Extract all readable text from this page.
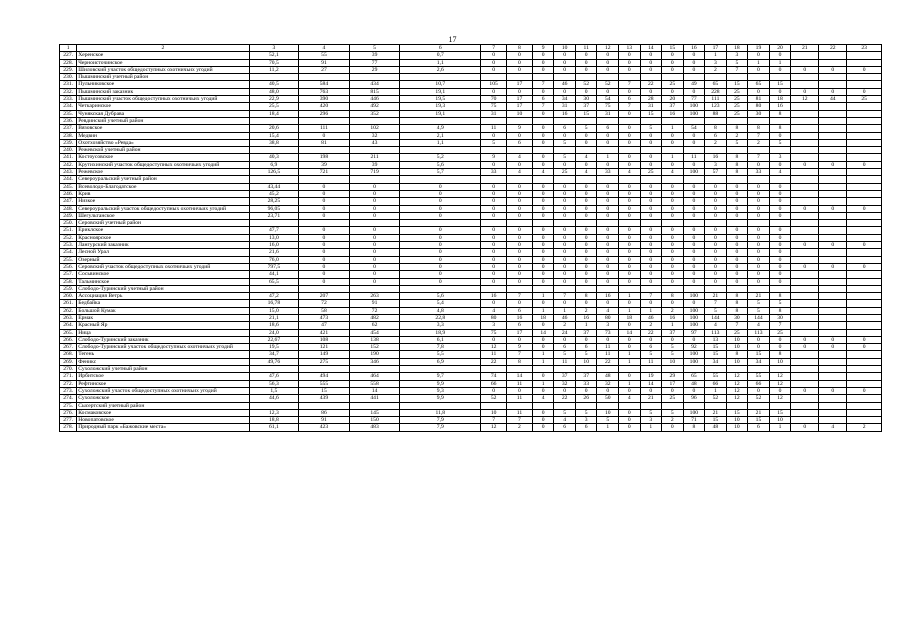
17
1	2	3	4	5	6	7	8	9	10	11	12	13	14	15	16	17	18	19	20	21	22	23
227.	Херенское	52,1	55	39	0,7	0	0	0	0	0	0	0	0	0	0	1	3	0	0			
228.	Черноисточинское	70,5	91	77	1,1	0	0	0	0	0	0	0	0	0	0	3	5	1	1			
229.	Шиловский участок общедоступных охотничьих угодий	11,2	27	29	2,6	0	0	0	0	0	0	0	0	0	0	2	7	0	0	0	0	0
230.	Пышминский учетный район																					
231.	Пульниковское	40,5	584	434	10,7	105	17	7	46	52	52	7	22	25	49	65	15	65	15			
232.	Пышминский заказник	48,0	763	815	19,1	0	0	0	0	0	0	0	0	0	0	228	25	0	0	0	0	0
233.	Пышминский участок общедоступных охотничьих угодий	22,9	390	446	19,5	70	17	6	34	30	54	6	28	20	77	111	25	81	18	12	44	25
234.	Четкаринское	25,5	420	492	19,3	75	17	7	31	37	75	7	31	37	100	123	25	80	16			
235.	Чунякская Дубрава	18,4	296	352	19,1	31	10	0	16	15	31	0	15	16	100	88	25	30	8			
236.	Ревдинский учетный район																					
237.	Вязовское	20,6	111	102	4,9	11	9	0	6	5	6	0	5	1	54	8	8	8	8			
238.	Медвин	15,4	0	32	2,1	0	0	0	0	0	0	0	0	0	0	6	2	7	0			
239.	Охотхозяйство «Ревда»	38,8	81	43	1,1	5	6	0	5	0	0	0	0	0	0	2	5	2	5			
240.	Режевской учетный район																					
241.	Костоусовское	40,3	198	211	5,2	9	4	0	5	4	1	0	0	1	11	16	8	7	3			
242.	Крутихинский участок общедоступных охотничьих угодий	6,9	39	39	5,6	0	0	0	0	0	0	0	0	0	0	3	8	0	0	0	0	0
243.	Режевское	126,5	721	719	5,7	33	4	4	25	4	33	4	25	4	100	57	8	33	4			
244.	Североуральский учетный район																					
245.	Всеволодо-Благодатское	43,44	0	0	0	0	0	0	0	0	0	0	0	0	0	0	0	0	0			
246.	Крив	45,2	0	0	0	0	0	0	0	0	0	0	0	0	0	0	0	0	0			
247.	Низкое	28,25	0	0	0	0	0	0	0	0	0	0	0	0	0	0	0	0	0			
248.	Североуральский участок общедоступных охотничьих угодий	96,05	0	0	0	0	0	0	0	0	0	0	0	0	0	0	0	0	0	0	0	0
249.	Шегультанское	23,71	0	0	0	0	0	0	0	0	0	0	0	0	0	0	0	0	0			
250.	Серовский учетный район																					
251.	Ериклское	47,7	0	0	0	0	0	0	0	0	0	0	0	0	0	0	0	0	0			
252.	Красноярское	13,0	0	0	0	0	0	0	0	0	0	0	0	0	0	0	0	0	0			
253.	Лангурский заказник	16,0	0	0	0	0	0	0	0	0	0	0	0	0	0	0	0	0	0	0	0	0
254.	Лесной Урал	21,6	0	0	0	0	0	0	0	0	0	0	0	0	0	0	0	0	0			
255.	Озерный	76,0	0	0	0	0	0	0	0	0	0	0	0	0	0	0	0	0	0			
256.	Серовский участок общедоступных охотничьих угодий	797,5	0	0	0	0	0	0	0	0	0	0	0	0	0	0	0	0	0	0	0	0
257.	Сосьвинское	44,1	0	0	0	0	0	0	0	0	0	0	0	0	0	0	0	0	0			
258.	Тальминское	65,5	0	0	0	0	0	0	0	0	0	0	0	0	0	0	0	0	0			
259.	Слободо-Туринский учетный район																					
260.	Ассоциация Ветрь	47,2	207	263	5,6	16	7	1	7	8	16	1	7	8	100	21	8	21	8			
261.	Бедбайка	16,78	72	91	5,4	0	0	0	0	0	0	0	0	0	0	7	8	5	5			
262.	Большой Кумак	15,0	58	72	4,8	4	6	1	1	2	4	1	1	2	100	5	8	5	8			
263.	Ермак	21,1	473	482	22,8	80	16	18	46	16	80	18	46	16	100	144	30	144	30			
264.	Красный Яр	18,6	47	62	3,3	3	6	0	2	1	3	0	2	1	100	4	7	4	7			
265.	Ница	24,0	421	454	18,9	75	17	14	24	37	73	14	22	37	97	113	25	113	25			
266.	Слободо-Туринский заказник	22,67	108	138	6,1	0	0	0	0	0	0	0	0	0	0	13	10	0	0	0	0	0
267.	Слободо-Туринский участок общедоступных охотничьих угодий	19,5	121	152	7,8	12	9	0	6	6	11	0	6	5	92	15	10	0	0	0	0	0
268.	Тегень	34,7	149	190	5,5	11	7	1	5	5	11	1	5	5	100	15	8	15	8			
269.	Феникс	49,76	275	346	6,9	22	8	1	11	10	22	1	11	10	100	34	10	34	10			
270.	Сухоложский учетный район																					
271.	Ирбитское	47,6	494	464	9,7	74	14	0	37	37	48	0	19	29	65	55	12	55	12			
272.	Рефтинское	56,3	555	558	9,9	66	11	1	32	33	32	1	14	17	48	66	12	66	12			
273.	Сухоложский участок общедоступных охотничьих угодий	1,5	15	14	9,3	0	0	0	0	0	0	0	0	0	0	1	12	0	0	0	0	0
274.	Сухоложское	44,6	439	441	9,9	52	11	4	22	26	50	4	21	25	96	52	12	52	12			
275.	Сысертский учетный район																					
276.	Космаковское	12,3	86	145	11,8	10	11	0	5	5	10	0	5	5	100	21	15	21	15			
277.	Новопатовское	18,8	91	150	7,9	7	7	0	4	3	5	0	3	2	71	15	10	15	10			
278.	Природный парк «Бажовские места»	61,1	423	483	7,9	12	2	0	6	6	1	0	1	0	8	48	10	6	1	0	4	2
